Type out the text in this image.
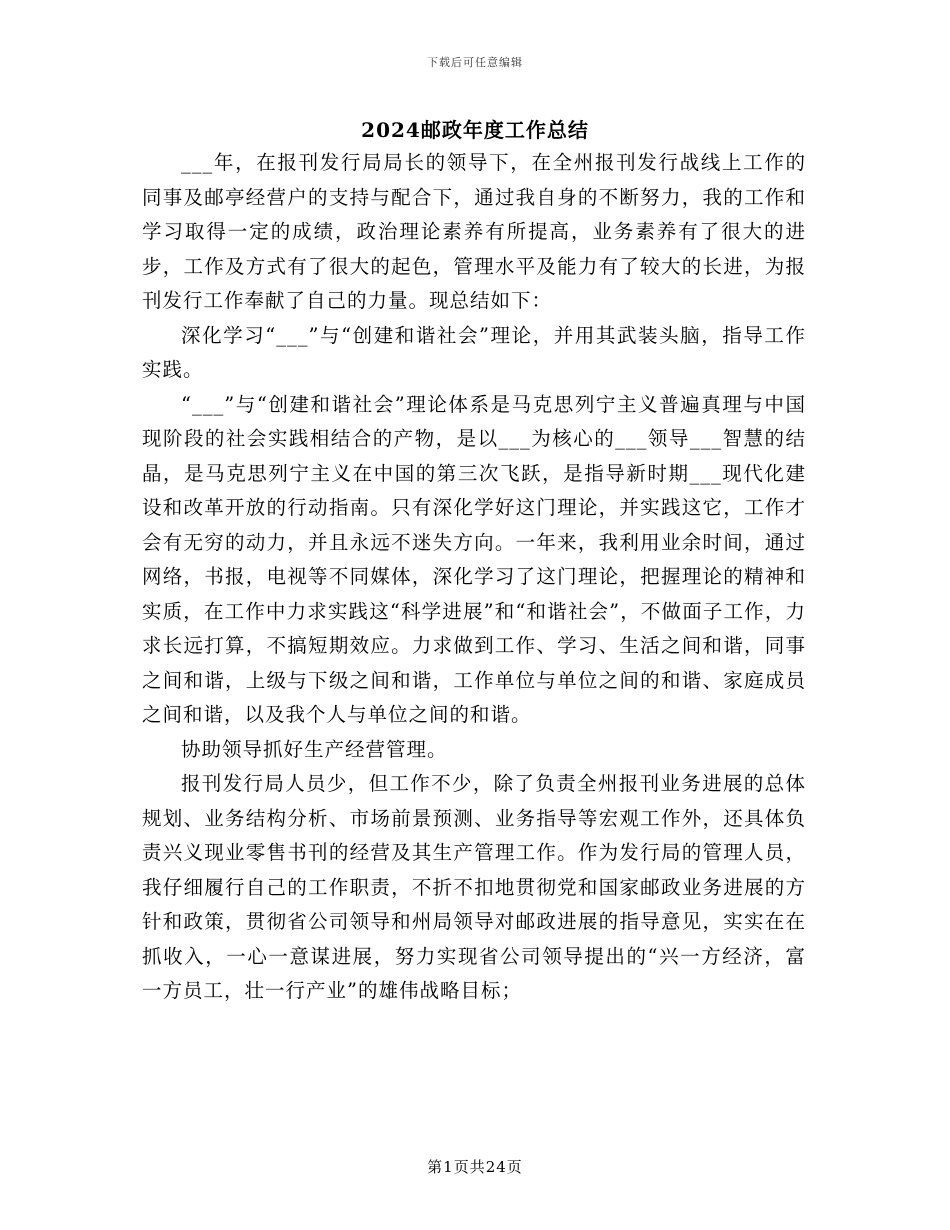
下载后可任意编辑
2024邮政年度工作总结

___年，在报刊发行局局长的领导下，在全州报刊发行战线上工作的同事及邮亭经营户的支持与配合下，通过我自身的不断努力，我的工作和学习取得一定的成绩，政治理论素养有所提高，业务素养有了很大的进步，工作及方式有了很大的起色，管理水平及能力有了较大的长进，为报刊发行工作奉献了自己的力量。现总结如下：

深化学习“___”与“创建和谐社会”理论，并用其武装头脑，指导工作实践。

“___”与“创建和谐社会”理论体系是马克思列宁主义普遍真理与中国现阶段的社会实践相结合的产物，是以___为核心的___领导___智慧的结晶，是马克思列宁主义在中国的第三次飞跃，是指导新时期___现代化建设和改革开放的行动指南。只有深化学好这门理论，并实践这它，工作才会有无穷的动力，并且永远不迷失方向。一年来，我利用业余时间，通过网络，书报，电视等不同媒体，深化学习了这门理论，把握理论的精神和实质，在工作中力求实践这“科学进展”和“和谐社会”，不做面子工作，力求长远打算，不搞短期效应。力求做到工作、学习、生活之间和谐，同事之间和谐，上级与下级之间和谐，工作单位与单位之间的和谐、家庭成员之间和谐，以及我个人与单位之间的和谐。

协助领导抓好生产经营管理。

报刊发行局人员少，但工作不少，除了负责全州报刊业务进展的总体规划、业务结构分析、市场前景预测、业务指导等宏观工作外，还具体负责兴义现业零售书刊的经营及其生产管理工作。作为发行局的管理人员，我仔细履行自己的工作职责，不折不扣地贯彻党和国家邮政业务进展的方针和政策，贯彻省公司领导和州局领导对邮政进展的指导意见，实实在在抓收入，一心一意谋进展，努力实现省公司领导提出的“兴一方经济，富一方员工，壮一行产业”的雄伟战略目标；

第1页共24页
